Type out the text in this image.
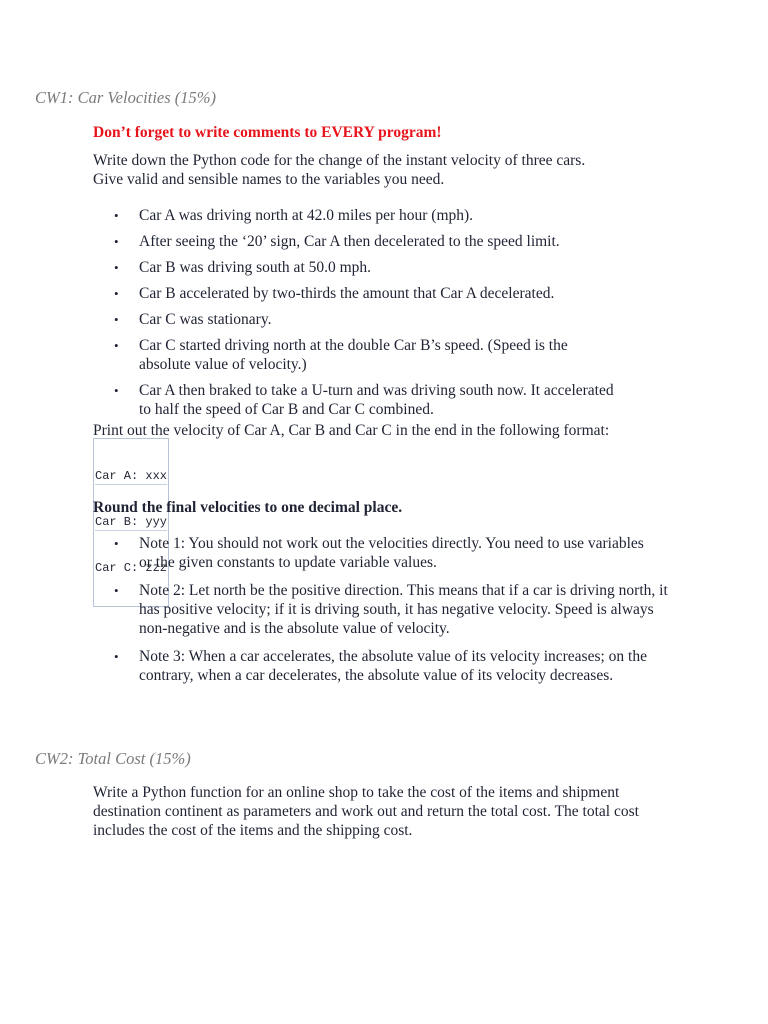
CW1: Car Velocities (15%)
Don’t forget to write comments to EVERY program!
Write down the Python code for the change of the instant velocity of three cars.
Give valid and sensible names to the variables you need.
• Car A was driving north at 42.0 miles per hour (mph).
• After seeing the ‘20’ sign, Car A then decelerated to the speed limit.
• Car B was driving south at 50.0 mph.
• Car B accelerated by two-thirds the amount that Car A decelerated.
• Car C was stationary.
• Car C started driving north at the double Car B’s speed. (Speed is the absolute value of velocity.)
• Car A then braked to take a U-turn and was driving south now. It accelerated to half the speed of Car B and Car C combined.
Print out the velocity of Car A, Car B and Car C in the end in the following format:

Car A: xxx

Car B: yyy

Car C: zzz

Round the final velocities to one decimal place.
• Note 1: You should not work out the velocities directly. You need to use variables or the given constants to update variable values.
• Note 2: Let north be the positive direction. This means that if a car is driving north, it has positive velocity; if it is driving south, it has negative velocity. Speed is always non-negative and is the absolute value of velocity.
• Note 3: When a car accelerates, the absolute value of its velocity increases; on the contrary, when a car decelerates, the absolute value of its velocity decreases.
CW2: Total Cost (15%)
Write a Python function for an online shop to take the cost of the items and shipment destination continent as parameters and work out and return the total cost. The total cost includes the cost of the items and the shipping cost.
